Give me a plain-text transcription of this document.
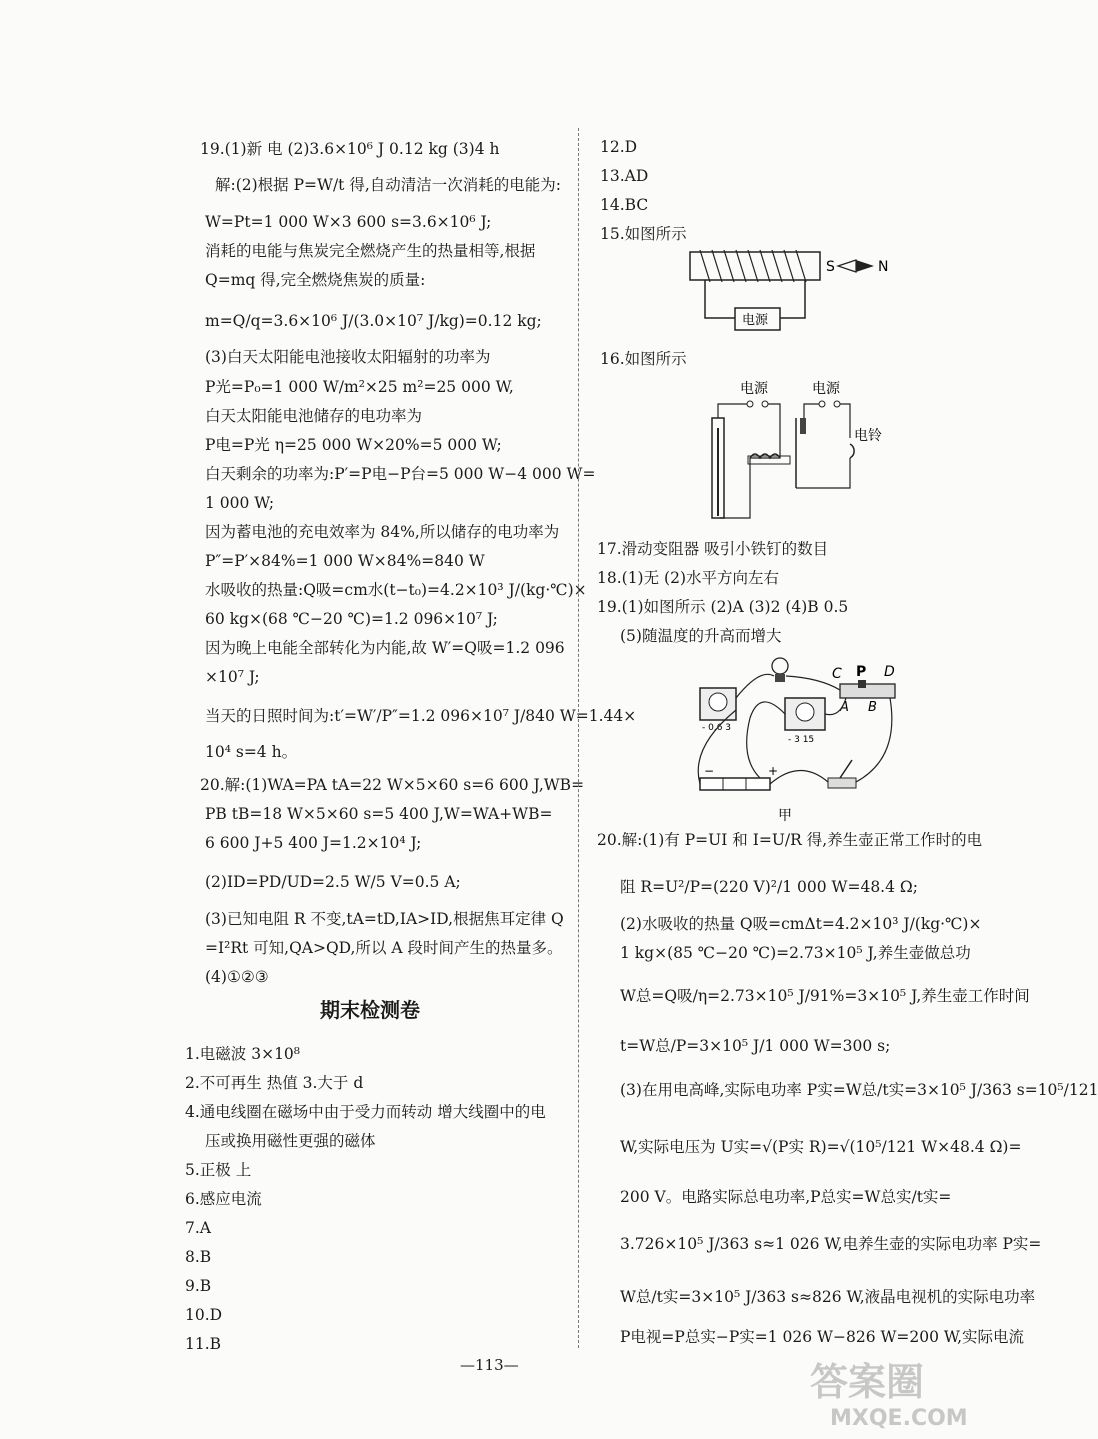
19.(1)新 电 (2)3.6×10⁶ J 0.12 kg (3)4 h
解:(2)根据 P=W/t 得,自动清洁一次消耗的电能为:
W=Pt=1 000 W×3 600 s=3.6×10⁶ J;
消耗的电能与焦炭完全燃烧产生的热量相等,根据
Q=mq 得,完全燃烧焦炭的质量:
m=Q/q=3.6×10⁶ J/(3.0×10⁷ J/kg)=0.12 kg;
(3)白天太阳能电池接收太阳辐射的功率为
P光=P₀=1 000 W/m²×25 m²=25 000 W,
白天太阳能电池储存的电功率为
P电=P光 η=25 000 W×20%=5 000 W;
白天剩余的功率为:P′=P电−P台=5 000 W−4 000 W=
1 000 W;
因为蓄电池的充电效率为 84%,所以储存的电功率为
P″=P′×84%=1 000 W×84%=840 W
水吸收的热量:Q吸=cm水(t−t₀)=4.2×10³ J/(kg·℃)×
60 kg×(68 ℃−20 ℃)=1.2 096×10⁷ J;
因为晚上电能全部转化为内能,故 W′=Q吸=1.2 096
×10⁷ J;
当天的日照时间为:t′=W′/P″=1.2 096×10⁷ J/840 W=1.44×
10⁴ s=4 h。
20.解:(1)WA=PA tA=22 W×5×60 s=6 600 J,WB=
PB tB=18 W×5×60 s=5 400 J,W=WA+WB=
6 600 J+5 400 J=1.2×10⁴ J;
(2)ID=PD/UD=2.5 W/5 V=0.5 A;
(3)已知电阻 R 不变,tA=tD,IA>ID,根据焦耳定律 Q
=I²Rt 可知,QA>QD,所以 A 段时间产生的热量多。
(4)①②③
期末检测卷
1.电磁波 3×10⁸
2.不可再生 热值 3.大于 d
4.通电线圈在磁场中由于受力而转动 增大线圈中的电
压或换用磁性更强的磁体
5.正极 上
6.感应电流
7.A
8.B
9.B
10.D
11.B
12.D
13.AD
14.BC
15.如图所示
16.如图所示
17.滑动变阻器 吸引小铁钉的数目
18.(1)无 (2)水平方向左右
19.(1)如图所示 (2)A (3)2 (4)B 0.5
(5)随温度的升高而增大
20.解:(1)有 P=UI 和 I=U/R 得,养生壶正常工作时的电
阻 R=U²/P=(220 V)²/1 000 W=48.4 Ω;
(2)水吸收的热量 Q吸=cmΔt=4.2×10³ J/(kg·℃)×
1 kg×(85 ℃−20 ℃)=2.73×10⁵ J,养生壶做总功
W总=Q吸/η=2.73×10⁵ J/91%=3×10⁵ J,养生壶工作时间
t=W总/P=3×10⁵ J/1 000 W=300 s;
(3)在用电高峰,实际电功率 P实=W总/t实=3×10⁵ J/363 s=10⁵/121
W,实际电压为 U实=√(P实 R)=√(10⁵/121 W×48.4 Ω)=
200 V。电路实际总电功率,P总实=W总实/t实=
3.726×10⁵ J/363 s≈1 026 W,电养生壶的实际电功率 P实=
W总/t实=3×10⁵ J/363 s≈826 W,液晶电视机的实际电功率
P电视=P总实−P实=1 026 W−826 W=200 W,实际电流
电源
S	N
电源	电源
电铃
C P D
A B
- 0.6 3
- 3 15
−	+
甲
—113—	答案圈
MXQE.COM
